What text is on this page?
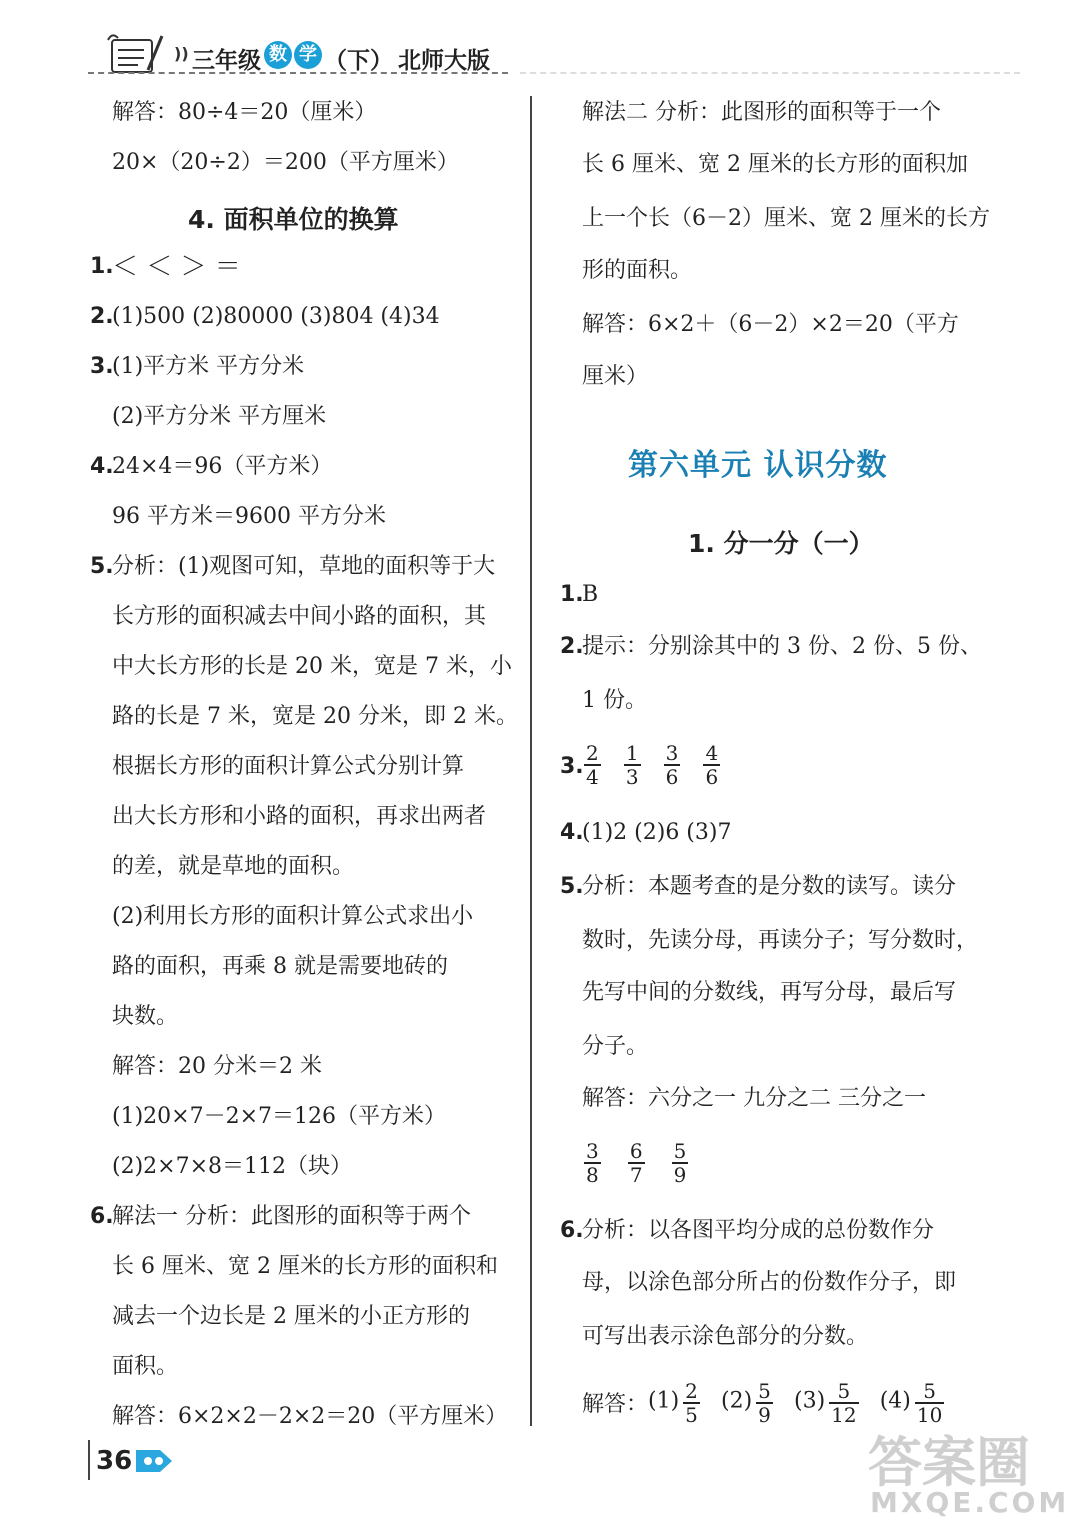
)) 三年级 数 学 （下） 北师大版
解答：80÷4＝20（厘米）
20×（20÷2）＝200（平方厘米）
4. 面积单位的换算
1.
＜ ＜ ＞ ＝
2.
(1)500 (2)80000 (3)804 (4)34
3.
(1)平方米 平方分米
(2)平方分米 平方厘米
4.
24×4＝96（平方米）
96 平方米＝9600 平方分米
5.
分析：(1)观图可知，草地的面积等于大
长方形的面积减去中间小路的面积，其
中大长方形的长是 20 米，宽是 7 米，小
路的长是 7 米，宽是 20 分米，即 2 米。
根据长方形的面积计算公式分别计算
出大长方形和小路的面积，再求出两者
的差，就是草地的面积。
(2)利用长方形的面积计算公式求出小
路的面积，再乘 8 就是需要地砖的
块数。
解答：20 分米＝2 米
(1)20×7－2×7＝126（平方米）
(2)2×7×8＝112（块）
6.
解法一 分析：此图形的面积等于两个
长 6 厘米、宽 2 厘米的长方形的面积和
减去一个边长是 2 厘米的小正方形的
面积。
解答：6×2×2－2×2＝20（平方厘米）
解法二 分析：此图形的面积等于一个
长 6 厘米、宽 2 厘米的长方形的面积加
上一个长（6－2）厘米、宽 2 厘米的长方
形的面积。
解答：6×2＋（6－2）×2＝20（平方
厘米）
第六单元 认识分数
1. 分一分（一）
1.
B
2.
提示：分别涂其中的 3 份、2 份、5 份、
1 份。
3. $\frac{2}{4}$
$\frac{1}{3}$
$\frac{3}{6}$
$\frac{4}{6}$
4.
(1)2 (2)6 (3)7
5.
分析：本题考查的是分数的读写。读分
数时，先读分母，再读分子；写分数时，
先写中间的分数线，再写分母，最后写
分子。
解答：六分之一 九分之二 三分之一
$\frac{3}{8}$
$\frac{6}{7}$
$\frac{5}{9}$
6.
分析：以各图平均分成的总份数作分
母，以涂色部分所占的份数作分子，即
可写出表示涂色部分的分数。
解答： $(1) \frac{2}{5} (2) \frac{5}{9} (3) \frac{5}{12} (4) \frac{5}{10}$
36	答案圈
MXQE.COM
